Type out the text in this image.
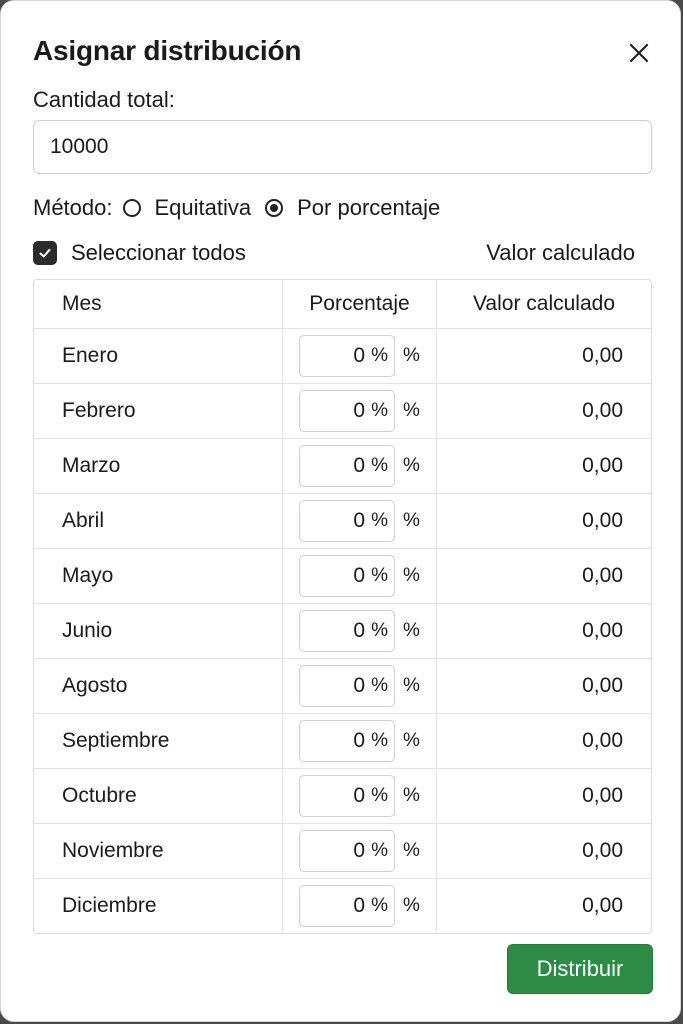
Asignar distribución
Cantidad total:
10000
Método: Equitativa Por porcentaje
Seleccionar todos	Valor calculado
Mes	Porcentaje	Valor calculado
Enero	0 % %	0,00
Febrero	0 % %	0,00
Marzo	0 % %	0,00
Abril	0 % %	0,00
Mayo	0 % %	0,00
Junio	0 % %	0,00
Agosto	0 % %	0,00
Septiembre	0 % %	0,00
Octubre	0 % %	0,00
Noviembre	0 % %	0,00
Diciembre	0 % %	0,00
Distribuir
